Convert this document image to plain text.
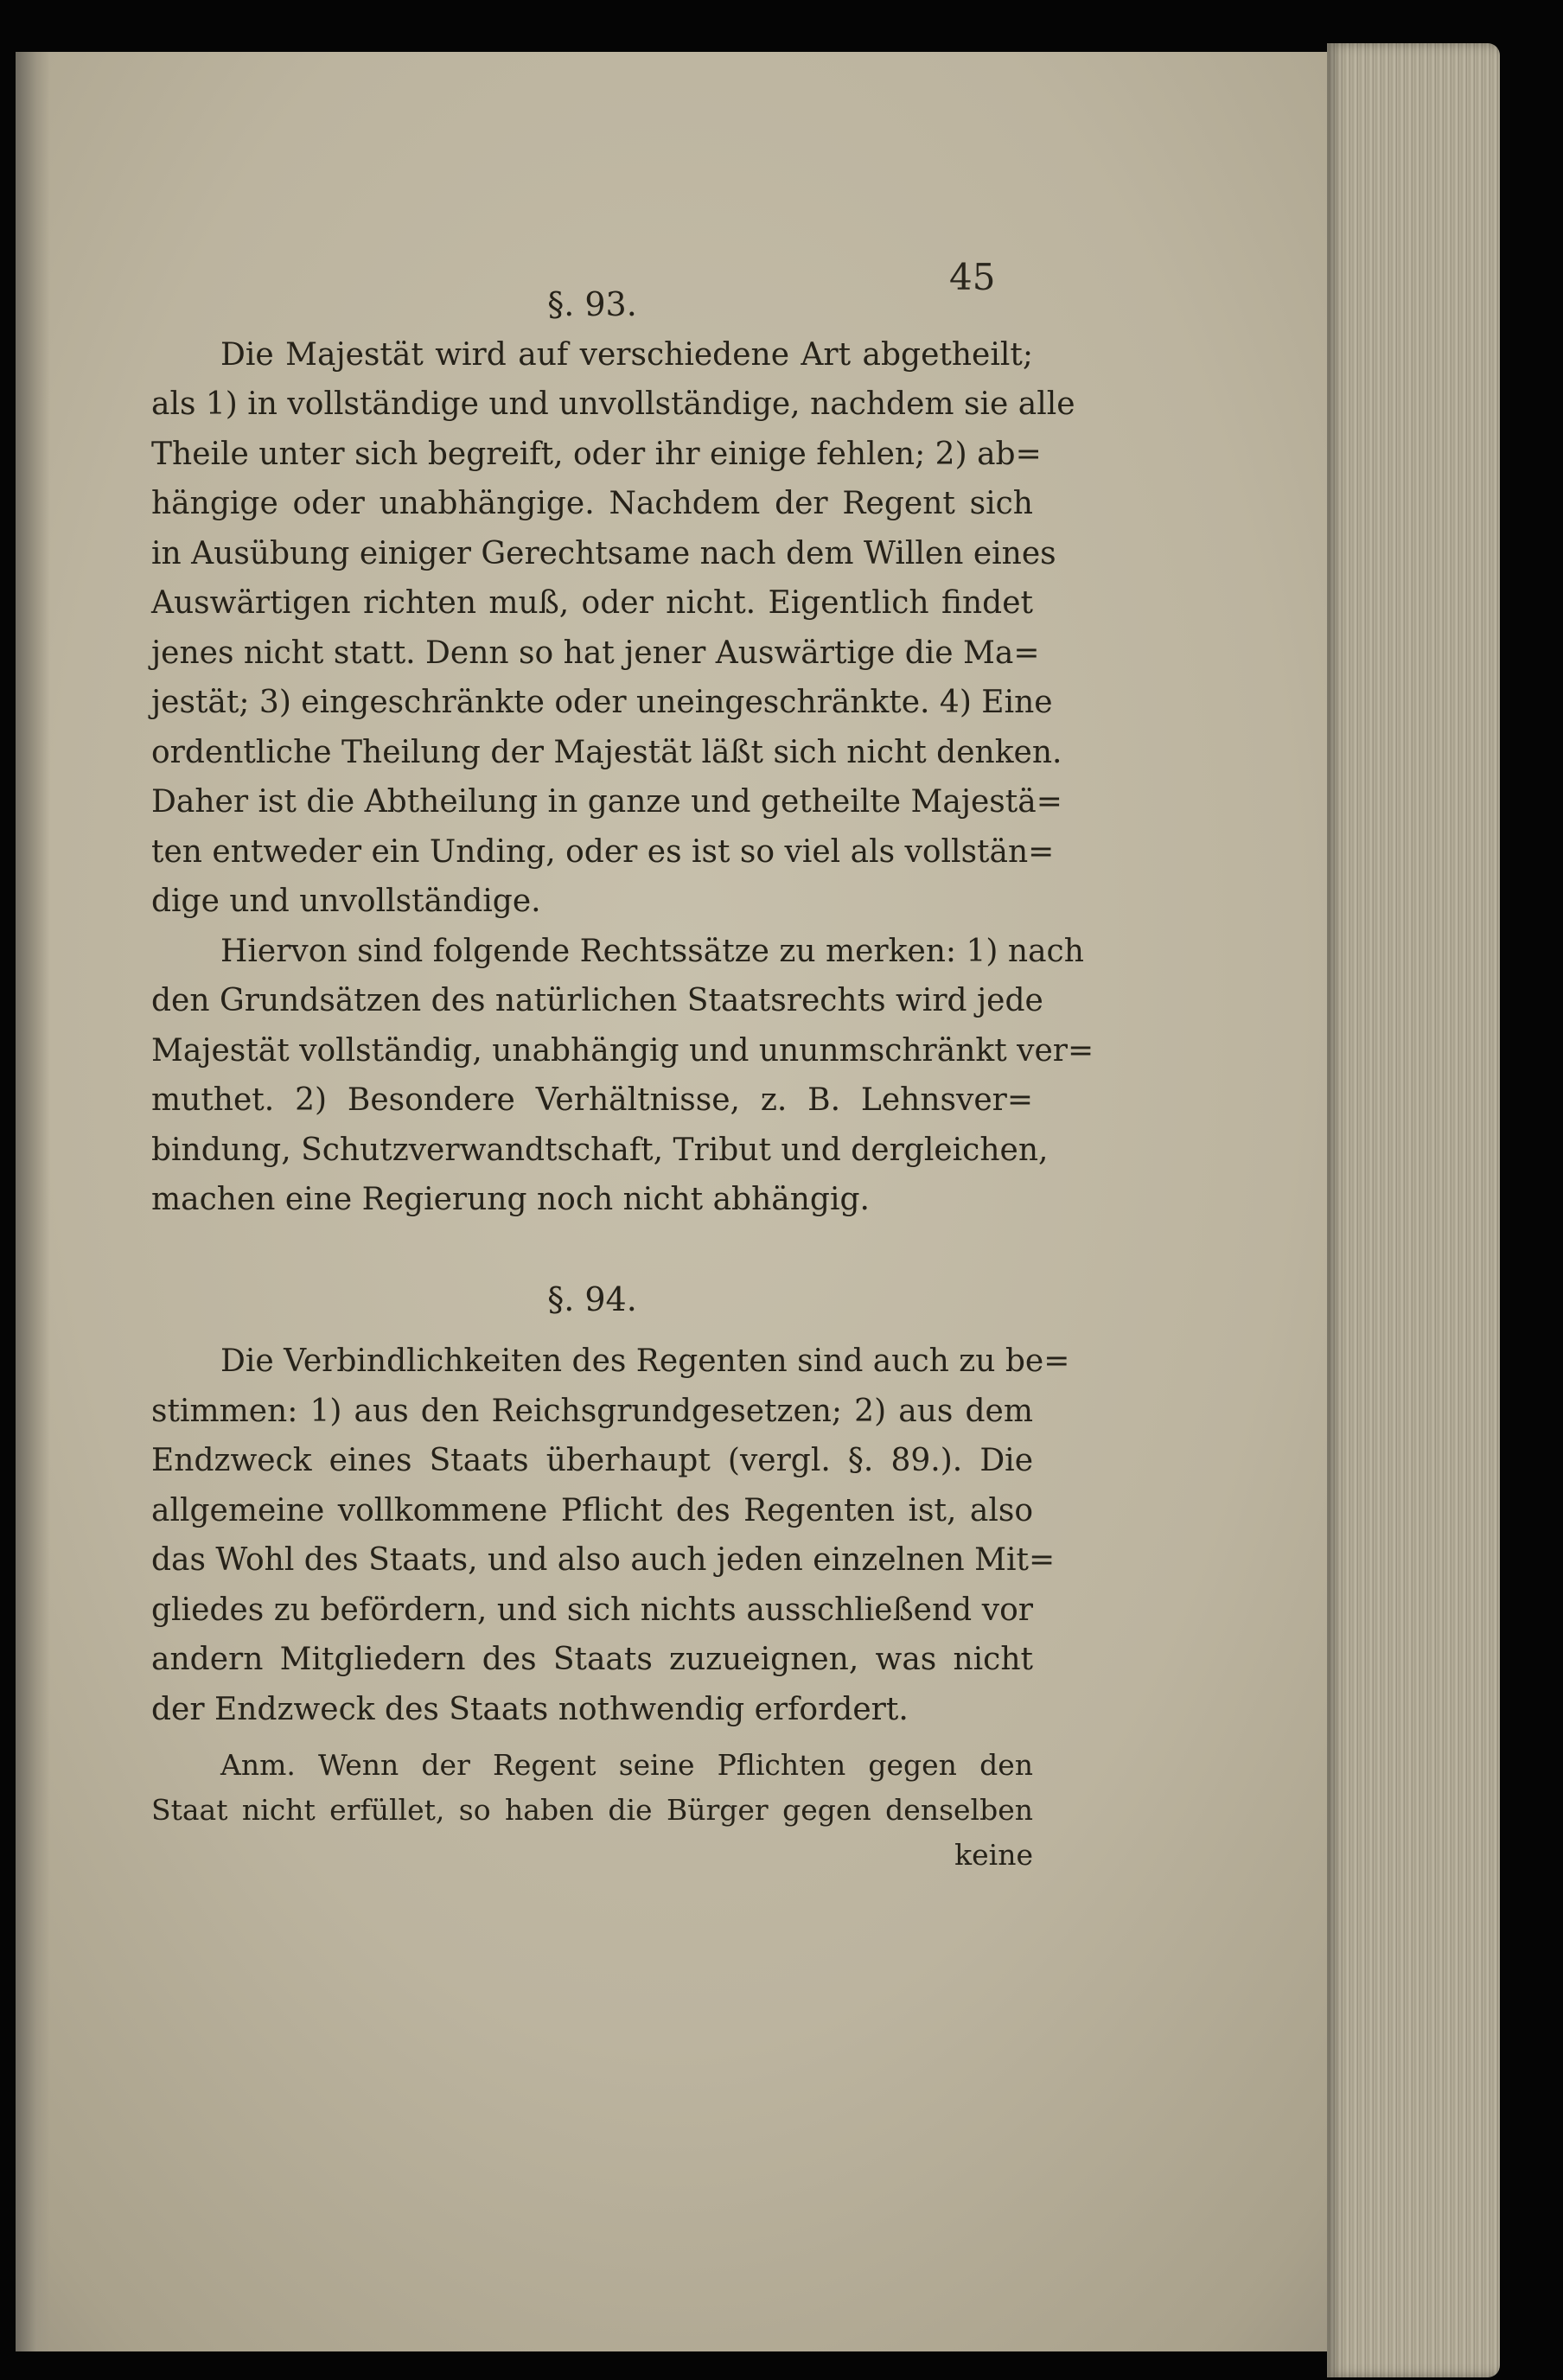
45

§. 93.

Die Majestät wird auf verschiedene Art abgetheilt;
als 1) in vollständige und unvollständige, nachdem sie alle
Theile unter sich begreift, oder ihr einige fehlen; 2) ab=
hängige oder unabhängige. Nachdem der Regent sich
in Ausübung einiger Gerechtsame nach dem Willen eines
Auswärtigen richten muß, oder nicht. Eigentlich findet
jenes nicht statt. Denn so hat jener Auswärtige die Ma=
jestät; 3) eingeschränkte oder uneingeschränkte. 4) Eine
ordentliche Theilung der Majestät läßt sich nicht denken.
Daher ist die Abtheilung in ganze und getheilte Majestä=
ten entweder ein Unding, oder es ist so viel als vollstän=
dige und unvollständige.

Hiervon sind folgende Rechtssätze zu merken: 1) nach
den Grundsätzen des natürlichen Staatsrechts wird jede
Majestät vollständig, unabhängig und ununmschränkt ver=
muthet. 2) Besondere Verhältnisse, z. B. Lehnsver=
bindung, Schutzverwandtschaft, Tribut und dergleichen,
machen eine Regierung noch nicht abhängig.

§. 94.

Die Verbindlichkeiten des Regenten sind auch zu be=
stimmen: 1) aus den Reichsgrundgesetzen; 2) aus dem
Endzweck eines Staats überhaupt (vergl. §. 89.). Die
allgemeine vollkommene Pflicht des Regenten ist, also
das Wohl des Staats, und also auch jeden einzelnen Mit=
gliedes zu befördern, und sich nichts ausschließend vor
andern Mitgliedern des Staats zuzueignen, was nicht
der Endzweck des Staats nothwendig erfordert.

Anm. Wenn der Regent seine Pflichten gegen den
Staat nicht erfüllet, so haben die Bürger gegen denselben
keine
